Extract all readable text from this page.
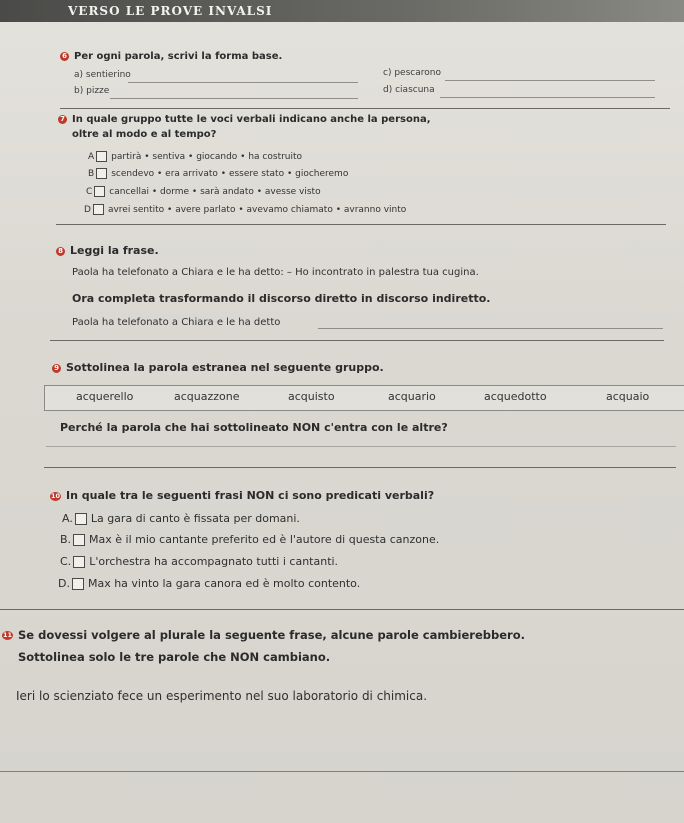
VERSO LE PROVE INVALSI
6 Per ogni parola, scrivi la forma base.
a) sentierino
b) pizze
c) pescarono
d) ciascuna
7 In quale gruppo tutte le voci verbali indicano anche la persona,
oltre al modo e al tempo?
A partirà • sentiva • giocando • ha costruito
B scendevo • era arrivato • essere stato • giocheremo
C cancellai • dorme • sarà andato • avesse visto
D avrei sentito • avere parlato • avevamo chiamato • avranno vinto
8 Leggi la frase.
Paola ha telefonato a Chiara e le ha detto: – Ho incontrato in palestra tua cugina.
Ora completa trasformando il discorso diretto in discorso indiretto.
Paola ha telefonato a Chiara e le ha detto
9 Sottolinea la parola estranea nel seguente gruppo.
acquerello	acquazzone	acquisto	acquario	acquedotto	acquaio
Perché la parola che hai sottolineato NON c'entra con le altre?
10 In quale tra le seguenti frasi NON ci sono predicati verbali?
A. La gara di canto è fissata per domani.
B. Max è il mio cantante preferito ed è l'autore di questa canzone.
C. L'orchestra ha accompagnato tutti i cantanti.
D. Max ha vinto la gara canora ed è molto contento.
11 Se dovessi volgere al plurale la seguente frase, alcune parole cambierebbero.
Sottolinea solo le tre parole che NON cambiano.
Ieri lo scienziato fece un esperimento nel suo laboratorio di chimica.
